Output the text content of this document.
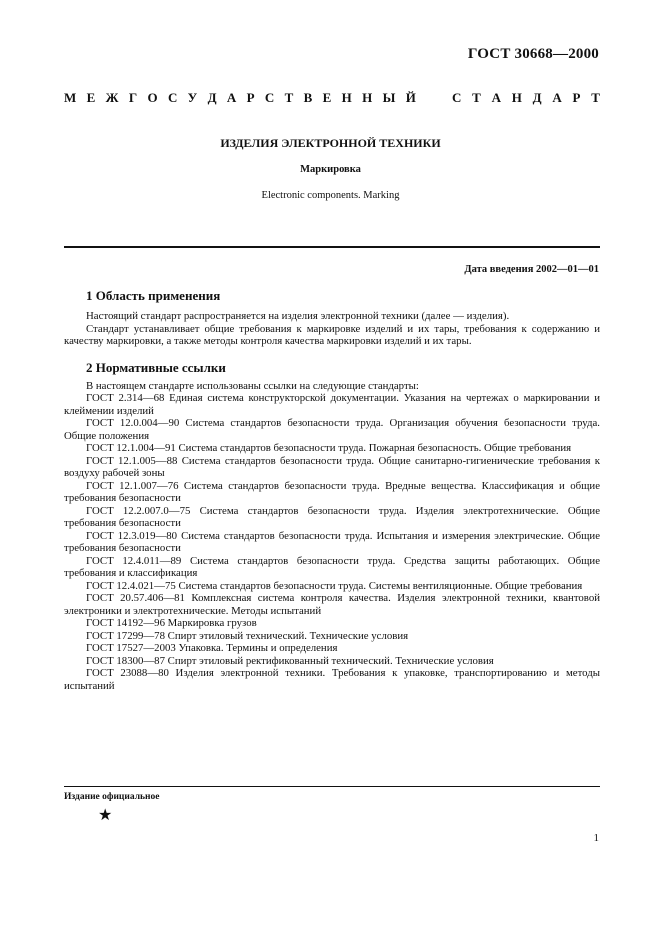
ГОСТ 30668—2000
М Е Ж Г О С У Д А Р С Т В Е Н Н Ы Й	С Т А Н Д А Р Т
ИЗДЕЛИЯ ЭЛЕКТРОННОЙ ТЕХНИКИ
Маркировка
Electronic components. Marking
Дата введения 2002—01—01
1 Область применения

Настоящий стандарт распространяется на изделия электронной техники (далее — изделия).

Стандарт устанавливает общие требования к маркировке изделий и их тары, требования к содержанию и качеству маркировки, а также методы контроля качества маркировки изделий и их тары.

2 Нормативные ссылки

В настоящем стандарте использованы ссылки на следующие стандарты:

ГОСТ 2.314—68 Единая система конструкторской документации. Указания на чертежах о маркировании и клеймении изделий

ГОСТ 12.0.004—90 Система стандартов безопасности труда. Организация обучения безопасности труда. Общие положения

ГОСТ 12.1.004—91 Система стандартов безопасности труда. Пожарная безопасность. Общие требования

ГОСТ 12.1.005—88 Система стандартов безопасности труда. Общие санитарно-гигиенические требования к воздуху рабочей зоны

ГОСТ 12.1.007—76 Система стандартов безопасности труда. Вредные вещества. Классификация и общие требования безопасности

ГОСТ 12.2.007.0—75 Система стандартов безопасности труда. Изделия электротехнические. Общие требования безопасности

ГОСТ 12.3.019—80 Система стандартов безопасности труда. Испытания и измерения электрические. Общие требования безопасности

ГОСТ 12.4.011—89 Система стандартов безопасности труда. Средства защиты работающих. Общие требования и классификация

ГОСТ 12.4.021—75 Система стандартов безопасности труда. Системы вентиляционные. Общие требования

ГОСТ 20.57.406—81 Комплексная система контроля качества. Изделия электронной техники, квантовой электроники и электротехнические. Методы испытаний

ГОСТ 14192—96 Маркировка грузов

ГОСТ 17299—78 Спирт этиловый технический. Технические условия

ГОСТ 17527—2003 Упаковка. Термины и определения

ГОСТ 18300—87 Спирт этиловый ректификованный технический. Технические условия

ГОСТ 23088—80 Изделия электронной техники. Требования к упаковке, транспортированию и методы испытаний

Издание официальное
★
1
